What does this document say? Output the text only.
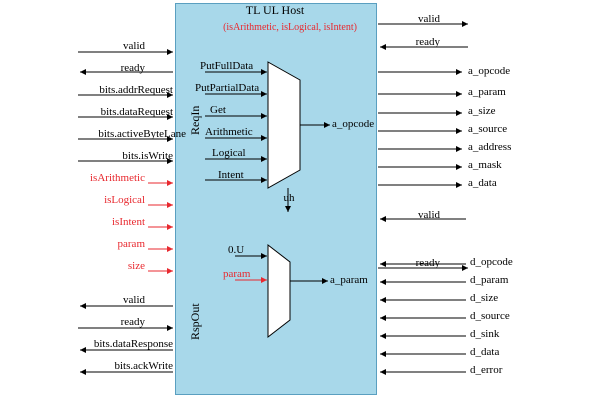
TL UL Host
(isArithmetic, isLogical, isIntent)
ReqIn
RspOut
valid
ready
bits.addrRequest
bits.dataRequest
bits.activeByteLane
bits.isWrite
isArithmetic
isLogical
isIntent
param
size
valid
ready
bits.dataResponse
bits.ackWrite
PutFullData
PutPartialData
Get
Arithmetic
Logical
Intent
a_opcode
uh
0.U
param	a_param
valid
ready
a_opcode
a_param
a_size
a_source
a_address
a_mask
a_data
valid
ready	d_opcode
d_param
d_size
d_source
d_sink
d_data
d_error
